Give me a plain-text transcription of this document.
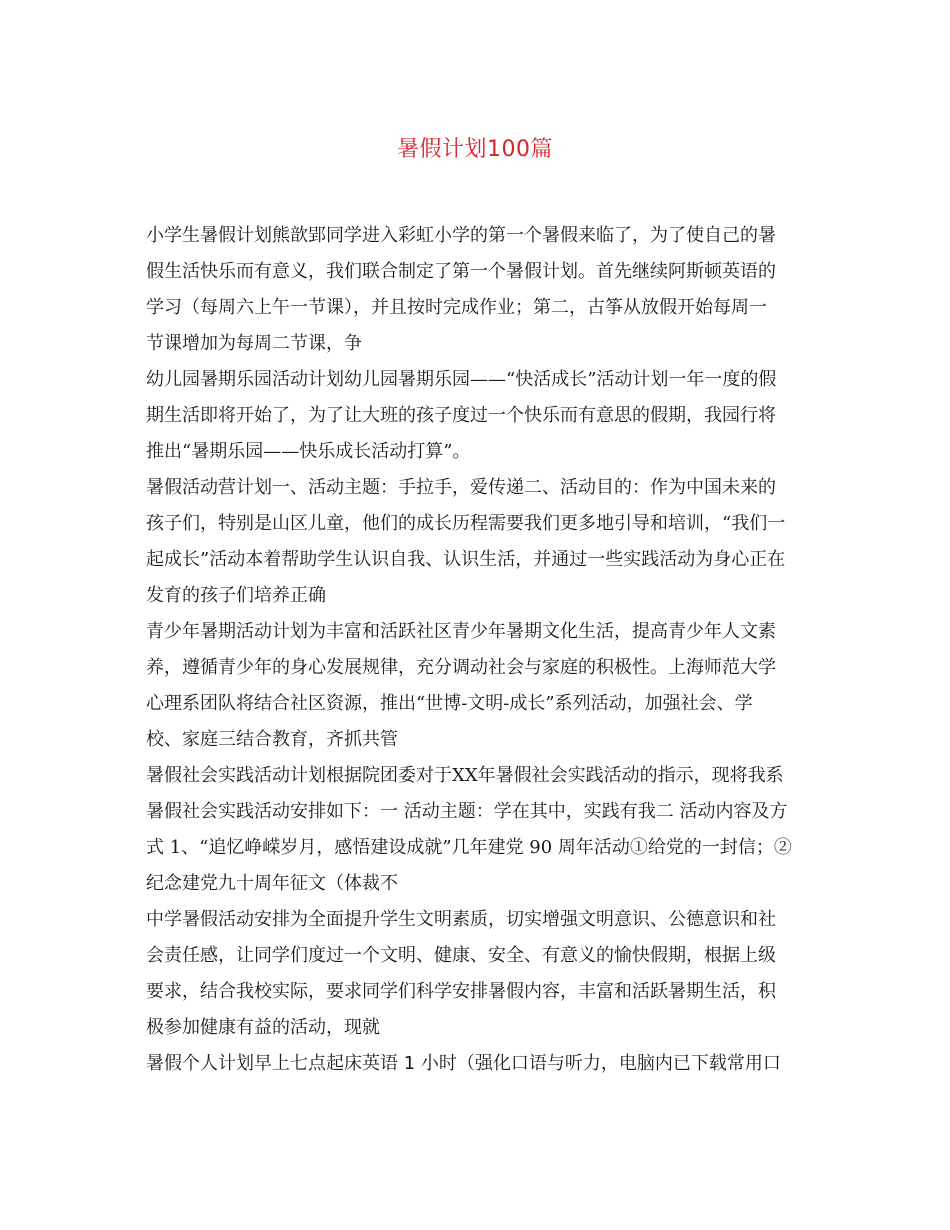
暑假计划100篇
小学生暑假计划熊歆郢同学进入彩虹小学的第一个暑假来临了，为了使自己的暑
假生活快乐而有意义，我们联合制定了第一个暑假计划。首先继续阿斯顿英语的
学习（每周六上午一节课），并且按时完成作业；第二，古筝从放假开始每周一
节课增加为每周二节课，争
幼儿园暑期乐园活动计划幼儿园暑期乐园——“快活成长”活动计划一年一度的假
期生活即将开始了，为了让大班的孩子度过一个快乐而有意思的假期，我园行将
推出“暑期乐园——快乐成长活动打算”。
暑假活动营计划一、活动主题：手拉手，爱传递二、活动目的：作为中国未来的
孩子们，特别是山区儿童，他们的成长历程需要我们更多地引导和培训，“我们一
起成长”活动本着帮助学生认识自我、认识生活，并通过一些实践活动为身心正在
发育的孩子们培养正确
青少年暑期活动计划为丰富和活跃社区青少年暑期文化生活，提高青少年人文素
养，遵循青少年的身心发展规律，充分调动社会与家庭的积极性。上海师范大学
心理系团队将结合社区资源，推出“世博-文明-成长”系列活动，加强社会、学
校、家庭三结合教育，齐抓共管
暑假社会实践活动计划根据院团委对于XX年暑假社会实践活动的指示，现将我系
暑假社会实践活动安排如下：一 活动主题：学在其中，实践有我二 活动内容及方
式 1、“追忆峥嵘岁月，感悟建设成就”几年建党 90 周年活动①给党的一封信；②
纪念建党九十周年征文（体裁不
中学暑假活动安排为全面提升学生文明素质，切实增强文明意识、公德意识和社
会责任感，让同学们度过一个文明、健康、安全、有意义的愉快假期，根据上级
要求，结合我校实际，要求同学们科学安排暑假内容，丰富和活跃暑期生活，积
极参加健康有益的活动，现就
暑假个人计划早上七点起床英语 1 小时（强化口语与听力，电脑内已下载常用口
